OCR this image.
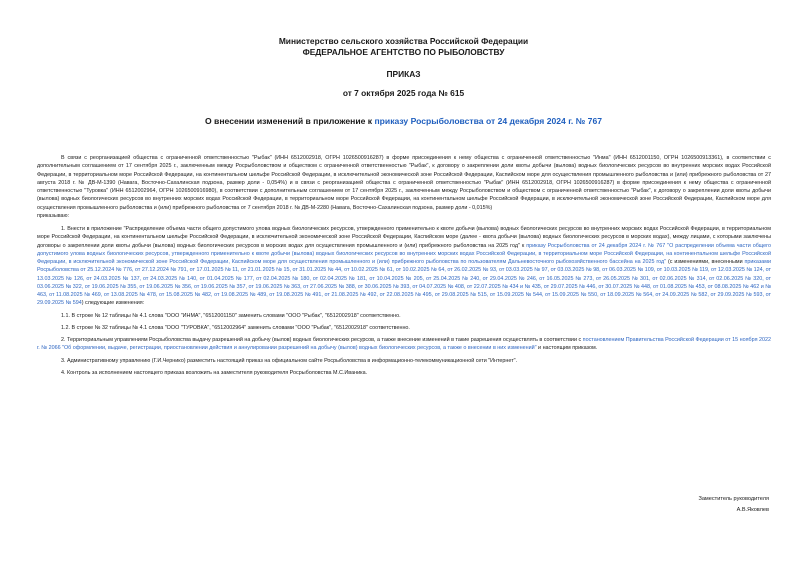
Министерство сельского хозяйства Российской Федерации
ФЕДЕРАЛЬНОЕ АГЕНТСТВО ПО РЫБОЛОВСТВУ
ПРИКАЗ
от 7 октября 2025 года № 615
О внесении изменений в приложение к приказу Росрыболовства от 24 декабря 2024 г. № 767

В связи с реорганизацией общества с ограниченной ответственностью "Рыбак" (ИНН 6512002918, ОГРН 1026500916287) в форме присоединения к нему общества с ограниченной ответственностью "Инма" (ИНН 6512001150, ОГРН 1026500913361), в соответствии с дополнительным соглашением от 17 сентября 2025 г., заключенным между Росрыболовством и обществом с ограниченной ответственностью "Рыбак", к договору о закреплении доли квоты добычи (вылова) водных биологических ресурсов во внутренних морских водах Российской Федерации, в территориальном море Российской Федерации, на континентальном шельфе Российской Федерации, в исключительной экономической зоне Российской Федерации, Каспийском море для осуществления промышленного рыболовства и (или) прибрежного рыболовства от 27 августа 2018 г. № ДВ-М-1390 (Навага, Восточно-Сахалинская подзона, размер доли - 0,054%) и в связи с реорганизацией общества с ограниченной ответственностью "Рыбак" (ИНН 6512002918, ОГРН 1026500916287) в форме присоединения к нему общества с ограниченной ответственностью "Туровка" (ИНН 6512002964, ОГРН 1026500916980), в соответствии с дополнительным соглашением от 17 сентября 2025 г., заключенным между Росрыболовством и обществом с ограниченной ответственностью "Рыбак", к договору о закреплении доли квоты добычи (вылова) водных биологических ресурсов во внутренних морских водах Российской Федерации, в территориальном море Российской Федерации, на континентальном шельфе Российской Федерации, в исключительной экономической зоне Российской Федерации, Каспийском море для осуществления промышленного рыболовства и (или) прибрежного рыболовства от 7 сентября 2018 г. № ДВ-М-2280 (Навага, Восточно-Сахалинская подзона, размер доли - 0,015%)

приказываю:

1. Внести в приложение "Распределение объема части общего допустимого улова водных биологических ресурсов, утвержденного применительно к квоте добычи (вылова) водных биологических ресурсов во внутренних морских водах Российской Федерации, в территориальном море Российской Федерации, на континентальном шельфе Российской Федерации, в исключительной экономической зоне Российской Федерации, Каспийском море (далее - квота добычи (вылова) водных биологических ресурсов в морских водах), между лицами, с которыми заключены договоры о закреплении доли квоты добычи (вылова) водных биологических ресурсов в морских водах для осуществления промышленного и (или) прибрежного рыболовства на 2025 год" к приказу Росрыболовства от 24 декабря 2024 г. № 767 "О распределении объема части общего допустимого улова водных биологических ресурсов, утвержденного применительно к квоте добычи (вылова) водных биологических ресурсов во внутренних морских водах Российской Федерации, в территориальном море Российской Федерации, на континентальном шельфе Российской Федерации, в исключительной экономической зоне Российской Федерации, Каспийском море для осуществления промышленного и (или) прибрежного рыболовства по пользователям Дальневосточного рыбохозяйственного бассейна на 2025 год" (с изменениями, внесенными приказами Росрыболовства от 25.12.2024 № 776, от 27.12.2024 № 791, от 17.01.2025 № 11, от 21.01.2025 № 15, от 31.01.2025 № 44, от 10.02.2025 № 61, от 10.02.2025 № 64, от 26.02.2025 № 93, от 03.03.2025 № 97, от 03.03.2025 № 98, от 06.03.2025 № 109, от 10.03.2025 № 119, от 12.03.2025 № 124, от 13.03.2025 № 126, от 24.03.2025 № 137, от 24.03.2025 № 140, от 01.04.2025 № 177, от 02.04.2025 № 180, от 02.04.2025 № 181, от 10.04.2025 № 205, от 25.04.2025 № 240, от 29.04.2025 № 246, от 16.05.2025 № 273, от 26.05.2025 № 301, от 02.06.2025 № 314, от 02.06.2025 № 320, от 03.06.2025 № 322, от 19.06.2025 № 355, от 19.06.2025 № 356, от 19.06.2025 № 357, от 19.06.2025 № 363, от 27.06.2025 № 388, от 30.06.2025 № 393, от 04.07.2025 № 408, от 22.07.2025 № 434 и № 435, от 29.07.2025 № 446, от 30.07.2025 № 448, от 01.08.2025 № 453, от 08.08.2025 № 462 и № 463, от 11.08.2025 № 469, от 13.08.2025 № 478, от 15.08.2025 № 482, от 19.08.2025 № 489, от 19.08.2025 № 491, от 21.08.2025 № 492, от 22.08.2025 № 495, от 29.08.2025 № 515, от 15.09.2025 № 544, от 15.09.2025 № 550, от 18.09.2025 № 564, от 24.09.2025 № 582, от 29.09.2025 № 593, от 29.09.2025 № 594) следующие изменения:

1.1. В строке № 12 таблицы № 4.1 слова "ООО "ИНМА", "6512001150" заменить словами "ООО "Рыбак", "6512002918" соответственно.

1.2. В строке № 32 таблицы № 4.1 слова "ООО "ТУРОВКА", "6512002964" заменить словами "ООО "Рыбак", "6512002918" соответственно.

2. Территориальным управлениям Росрыболовства выдачу разрешений на добычу (вылов) водных биологических ресурсов, а также внесение изменений в такие разрешения осуществлять в соответствии с постановлением Правительства Российской Федерации от 15 ноября 2022 г. № 2066 "Об оформлении, выдаче, регистрации, приостановлении действия и аннулировании разрешений на добычу (вылов) водных биологических ресурсов, а также о внесении в них изменений" и настоящим приказом.

3. Административному управлению (Г.И.Чернико) разместить настоящий приказ на официальном сайте Росрыболовства в информационно-телекоммуникационной сети "Интернет".

4. Контроль за исполнением настоящего приказа возложить на заместителя руководителя Росрыболовства М.С.Иваника.

Заместитель руководителя
А.В.Яковлев
